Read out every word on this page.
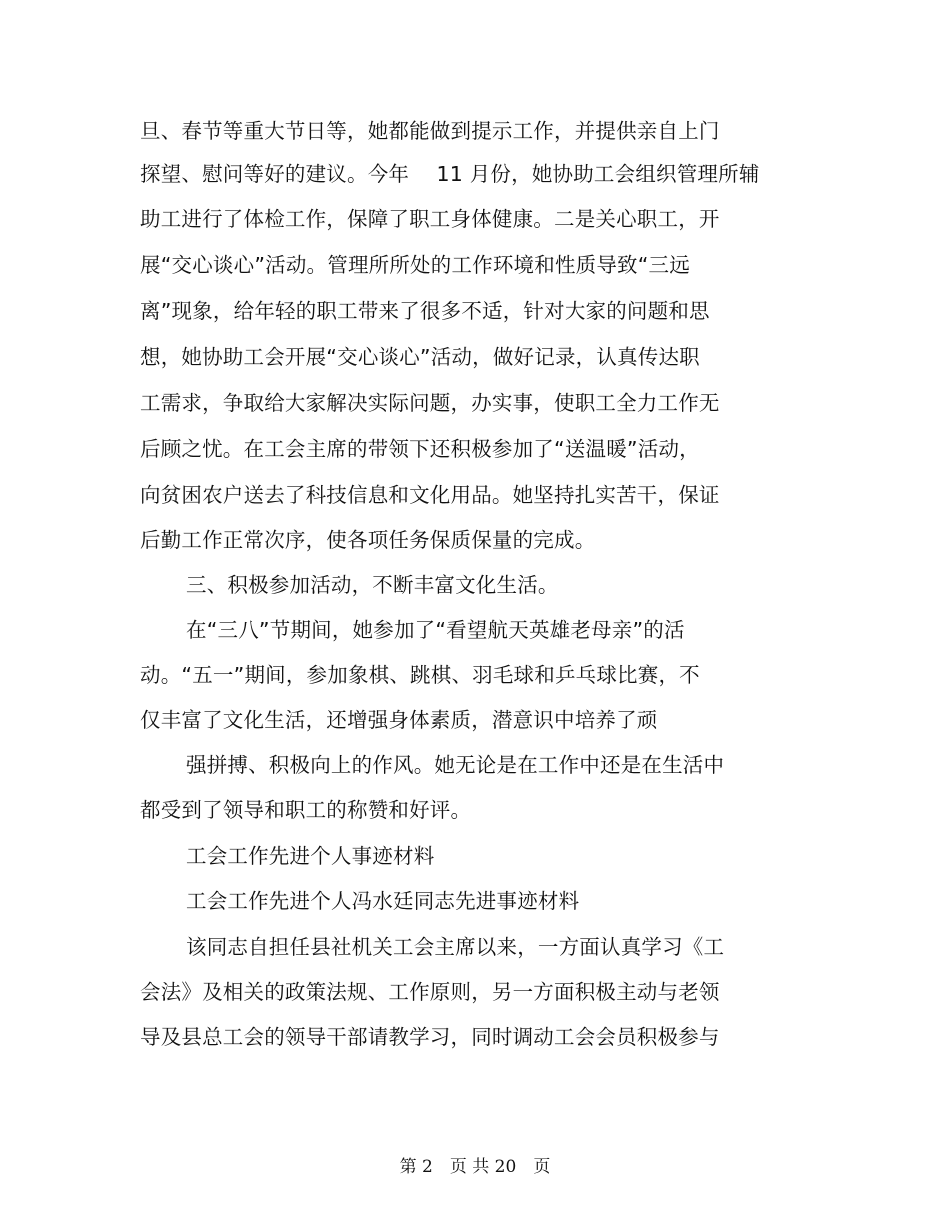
旦、春节等重大节日等，她都能做到提示工作，并提供亲自上门
探望、慰问等好的建议。今年　 11 月份，她协助工会组织管理所辅
助工进行了体检工作，保障了职工身体健康。二是关心职工，开
展“交心谈心”活动。管理所所处的工作环境和性质导致“三远
离”现象，给年轻的职工带来了很多不适，针对大家的问题和思
想，她协助工会开展“交心谈心”活动，做好记录，认真传达职
工需求，争取给大家解决实际问题，办实事，使职工全力工作无
后顾之忧。在工会主席的带领下还积极参加了“送温暖”活动，
向贫困农户送去了科技信息和文化用品。她坚持扎实苦干，保证
后勤工作正常次序，使各项任务保质保量的完成。
三、积极参加活动，不断丰富文化生活。
在“三八”节期间，她参加了“看望航天英雄老母亲”的活
动。“五一”期间，参加象棋、跳棋、羽毛球和乒乓球比赛，不
仅丰富了文化生活，还增强身体素质，潜意识中培养了顽
强拼搏、积极向上的作风。她无论是在工作中还是在生活中
都受到了领导和职工的称赞和好评。
工会工作先进个人事迹材料
工会工作先进个人冯水廷同志先进事迹材料
该同志自担任县社机关工会主席以来，一方面认真学习《工
会法》及相关的政策法规、工作原则，另一方面积极主动与老领
导及县总工会的领导干部请教学习，同时调动工会会员积极参与
第 2　页 共 20　页
